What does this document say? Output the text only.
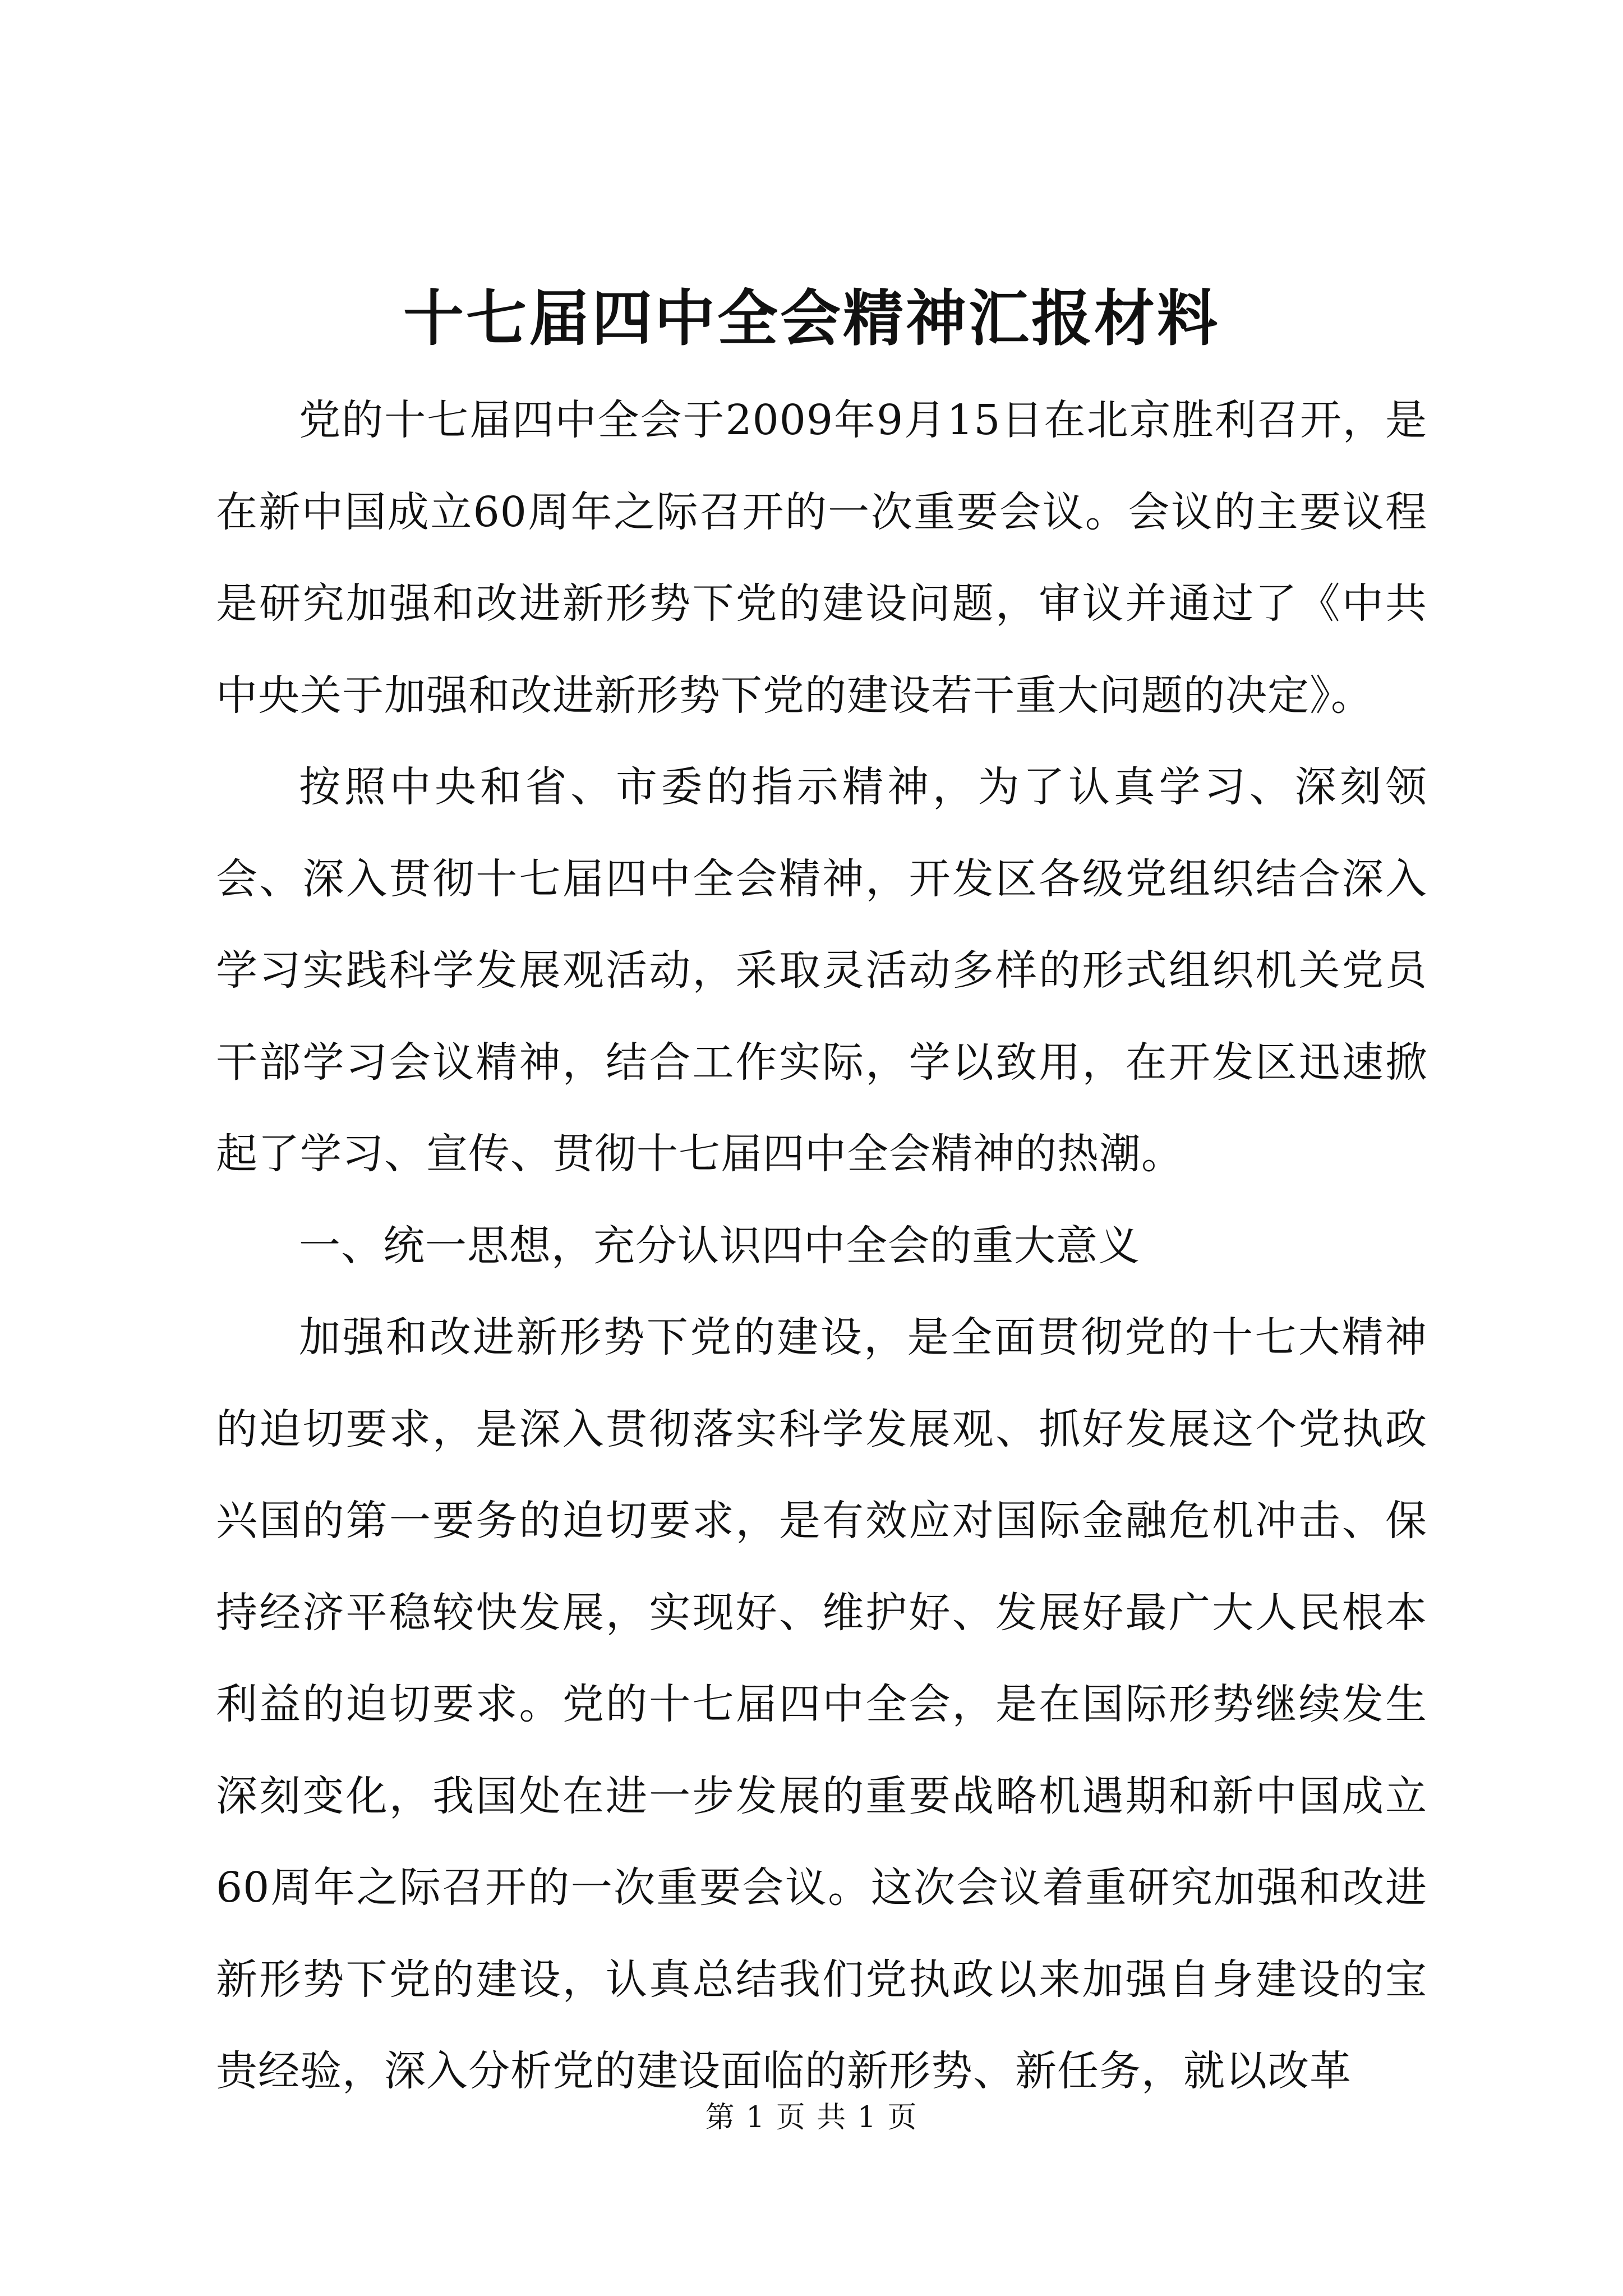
十七届四中全会精神汇报材料

党的十七届四中全会于2009年9月15日在北京胜利召开，是在新中国成立60周年之际召开的一次重要会议。会议的主要议程是研究加强和改进新形势下党的建设问题，审议并通过了《中共中央关于加强和改进新形势下党的建设若干重大问题的决定》。

按照中央和省、市委的指示精神，为了认真学习、深刻领会、深入贯彻十七届四中全会精神，开发区各级党组织结合深入学习实践科学发展观活动，采取灵活动多样的形式组织机关党员干部学习会议精神，结合工作实际，学以致用，在开发区迅速掀起了学习、宣传、贯彻十七届四中全会精神的热潮。

一、统一思想，充分认识四中全会的重大意义

加强和改进新形势下党的建设，是全面贯彻党的十七大精神的迫切要求，是深入贯彻落实科学发展观、抓好发展这个党执政兴国的第一要务的迫切要求，是有效应对国际金融危机冲击、保持经济平稳较快发展，实现好、维护好、发展好最广大人民根本利益的迫切要求。党的十七届四中全会，是在国际形势继续发生深刻变化，我国处在进一步发展的重要战略机遇期和新中国成立60周年之际召开的一次重要会议。这次会议着重研究加强和改进新形势下党的建设，认真总结我们党执政以来加强自身建设的宝贵经验，深入分析党的建设面临的新形势、新任务，就以改革

第 1 页 共 1 页
